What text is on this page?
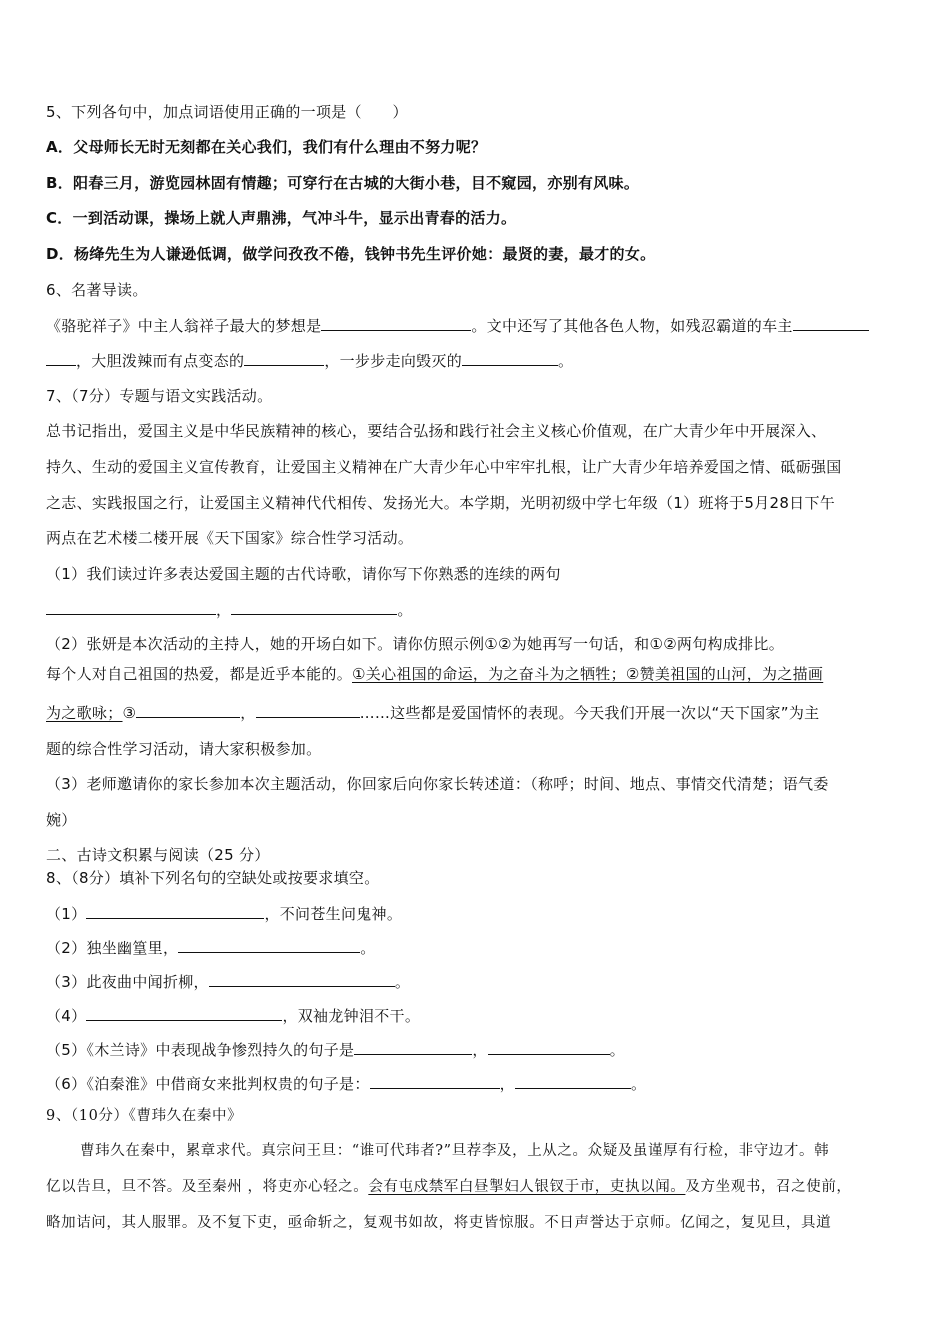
5、下列各句中，加点词语使用正确的一项是（　　）
A．父母师长无时无刻都在关心我们，我们有什么理由不努力呢？
B．阳春三月，游览园林固有情趣；可穿行在古城的大街小巷，目不窥园，亦别有风味。
C．一到活动课，操场上就人声鼎沸，气冲斗牛，显示出青春的活力。
D．杨绛先生为人谦逊低调，做学问孜孜不倦，钱钟书先生评价她：最贤的妻，最才的女。
6、名著导读。
《骆驼祥子》中主人翁祥子最大的梦想是	。文中还写了其他各色人物，如残忍霸道的车主
，大胆泼辣而有点变态的	，一步步走向毁灭的	。
7、（7分）专题与语文实践活动。
总书记指出，爱国主义是中华民族精神的核心，要结合弘扬和践行社会主义核心价值观，在广大青少年中开展深入、
持久、生动的爱国主义宣传教育，让爱国主义精神在广大青少年心中牢牢扎根，让广大青少年培养爱国之情、砥砺强国
之志、实践报国之行，让爱国主义精神代代相传、发扬光大。本学期，光明初级中学七年级（1）班将于5月28日下午
两点在艺术楼二楼开展《天下国家》综合性学习活动。
（1）我们读过许多表达爱国主题的古代诗歌，请你写下你熟悉的连续的两句
，	。
（2）张妍是本次活动的主持人，她的开场白如下。请你仿照示例①②为她再写一句话，和①②两句构成排比。
每个人对自己祖国的热爱，都是近乎本能的。①关心祖国的命运，为之奋斗为之牺牲；②赞美祖国的山河，为之描画
为之歌咏；③	，	……这些都是爱国情怀的表现。今天我们开展一次以“天下国家”为主
题的综合性学习活动，请大家积极参加。
（3）老师邀请你的家长参加本次主题活动，你回家后向你家长转述道：（称呼；时间、地点、事情交代清楚；语气委
婉）
二、古诗文积累与阅读（25 分）
8、（8分）填补下列名句的空缺处或按要求填空。
（1）	，不问苍生问鬼神。
（2）独坐幽篁里，	。
（3）此夜曲中闻折柳，	。
（4）	，双袖龙钟泪不干。
（5）《木兰诗》中表现战争惨烈持久的句子是	，	。
（6）《泊秦淮》中借商女来批判权贵的句子是：	，	。
9、（10分）《曹玮久在秦中》
曹玮久在秦中，累章求代。真宗问王旦：“谁可代玮者?”旦荐李及，上从之。众疑及虽谨厚有行检，非守边才。韩
亿以告旦，旦不答。及至秦州 ，将吏亦心轻之。会有屯戍禁军白昼掣妇人银钗于市，吏执以闻。及方坐观书，召之使前，
略加诘问，其人服罪。及不复下吏，亟命斩之，复观书如故，将吏皆惊服。不日声誉达于京师。亿闻之，复见旦，具道
